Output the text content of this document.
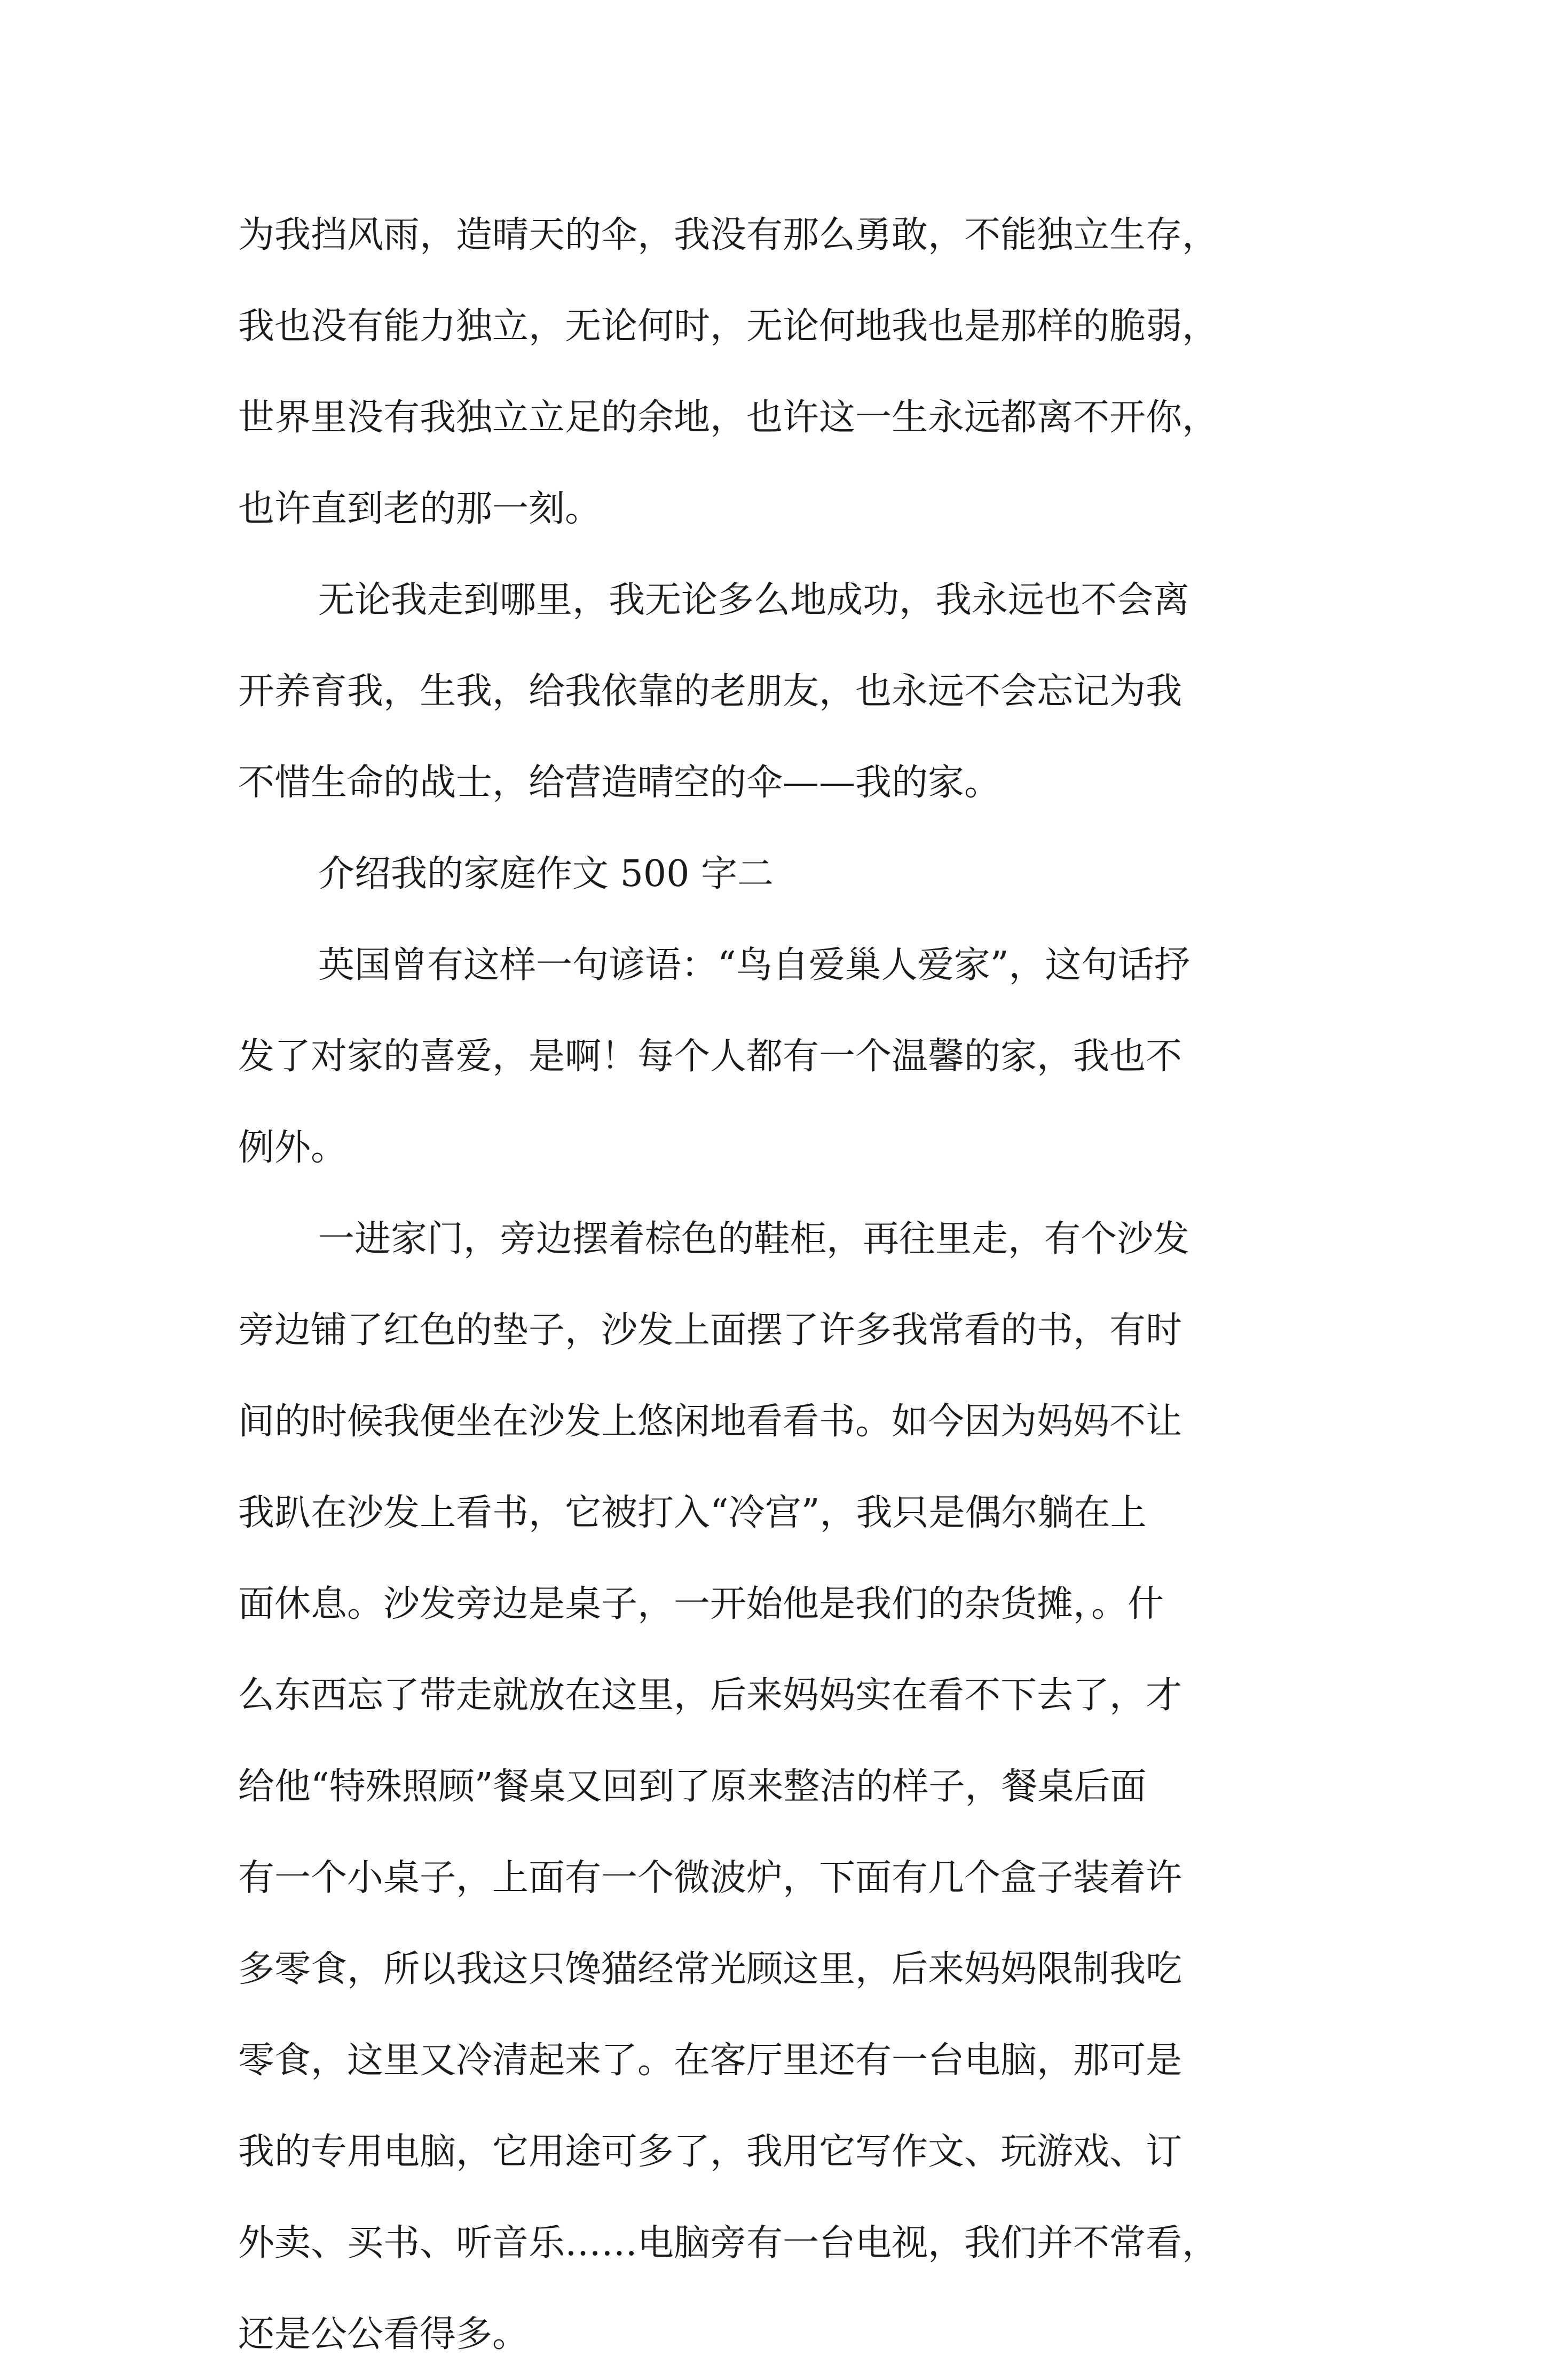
为我挡风雨，造晴天的伞，我没有那么勇敢，不能独立生存，
我也没有能力独立，无论何时，无论何地我也是那样的脆弱，
世界里没有我独立立足的余地，也许这一生永远都离不开你，
也许直到老的那一刻。
无论我走到哪里，我无论多么地成功，我永远也不会离
开养育我，生我，给我依靠的老朋友，也永远不会忘记为我
不惜生命的战士，给营造晴空的伞——我的家。
介绍我的家庭作文 500 字二
英国曾有这样一句谚语：“鸟自爱巢人爱家”，这句话抒
发了对家的喜爱，是啊！每个人都有一个温馨的家，我也不
例外。
一进家门，旁边摆着棕色的鞋柜，再往里走，有个沙发
旁边铺了红色的垫子，沙发上面摆了许多我常看的书，有时
间的时候我便坐在沙发上悠闲地看看书。如今因为妈妈不让
我趴在沙发上看书，它被打入“冷宫”，我只是偶尔躺在上
面休息。沙发旁边是桌子，一开始他是我们的杂货摊，。什
么东西忘了带走就放在这里，后来妈妈实在看不下去了，才
给他“特殊照顾”餐桌又回到了原来整洁的样子，餐桌后面
有一个小桌子，上面有一个微波炉，下面有几个盒子装着许
多零食，所以我这只馋猫经常光顾这里，后来妈妈限制我吃
零食，这里又冷清起来了。在客厅里还有一台电脑，那可是
我的专用电脑，它用途可多了，我用它写作文、玩游戏、订
外卖、买书、听音乐……电脑旁有一台电视，我们并不常看，
还是公公看得多。
